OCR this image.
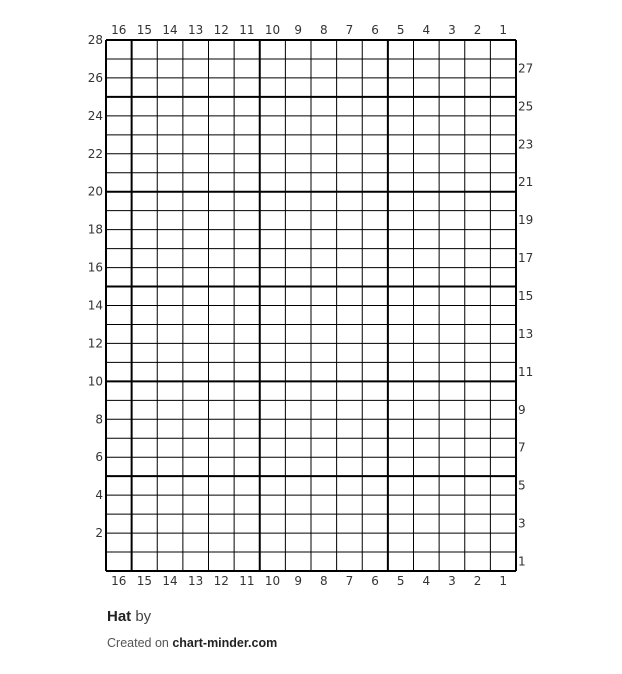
16
16
15
15
14
14
13
13
12
12
11
11
10
10
9
9
8
8
7
7
6
6
5
5
4
4
3
3
2
2
1
1
28
26
24
22
20
18
16
14
12
10
8
6
4
2
27
25
23
21
19
17
15
13
11
9
7
5
3
1
Hat by
Created on chart-minder.com
